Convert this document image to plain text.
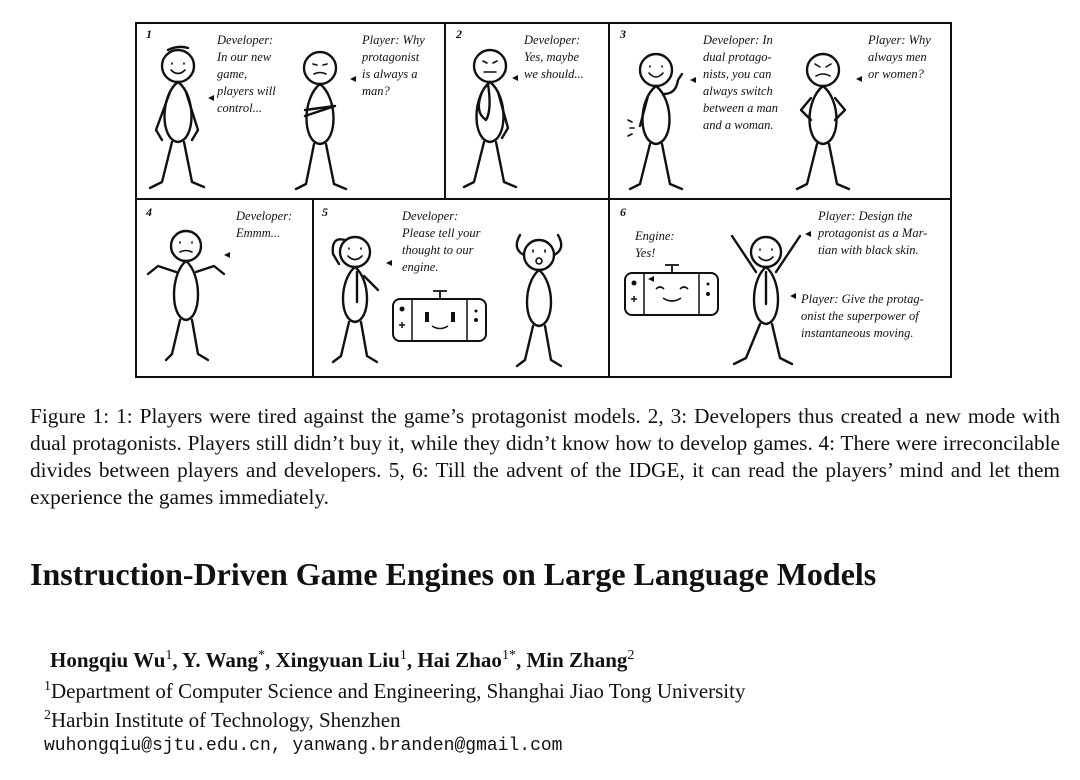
1	2	3
4	5	6
Developer:
In our new
game,
players will
control...
Player: Why
protagonist
is always a
man?
Developer:
Yes, maybe
we should...
Developer: In
dual protago-
nists, you can
always switch
between a man
and a woman.
Player: Why
always men
or women?
Developer:
Emmm...
Developer:
Please tell your
thought to our
engine.
Engine:
Yes!
Player: Design the
protagonist as a Mar-
tian with black skin.
Player: Give the protag-
onist the superpower of
instantaneous moving.
Figure 1: 1: Players were tired against the game’s protagonist models. 2, 3: Developers thus created a new mode with dual protagonists. Players still didn’t buy it, while they didn’t know how to develop games. 4: There were irreconcilable divides between players and developers. 5, 6: Till the advent of the IDGE, it can read the players’ mind and let them experience the games immediately.
Instruction-Driven Game Engines on Large Language Models
Hongqiu Wu$^1$, Y. Wang*, Xingyuan Liu$^1$, Hai Zhao$^{1*}$, Min Zhang$^2$
$^1$Department of Computer Science and Engineering, Shanghai Jiao Tong University
$^2$Harbin Institute of Technology, Shenzhen
wuhongqiu@sjtu.edu.cn, yanwang.branden@gmail.com
